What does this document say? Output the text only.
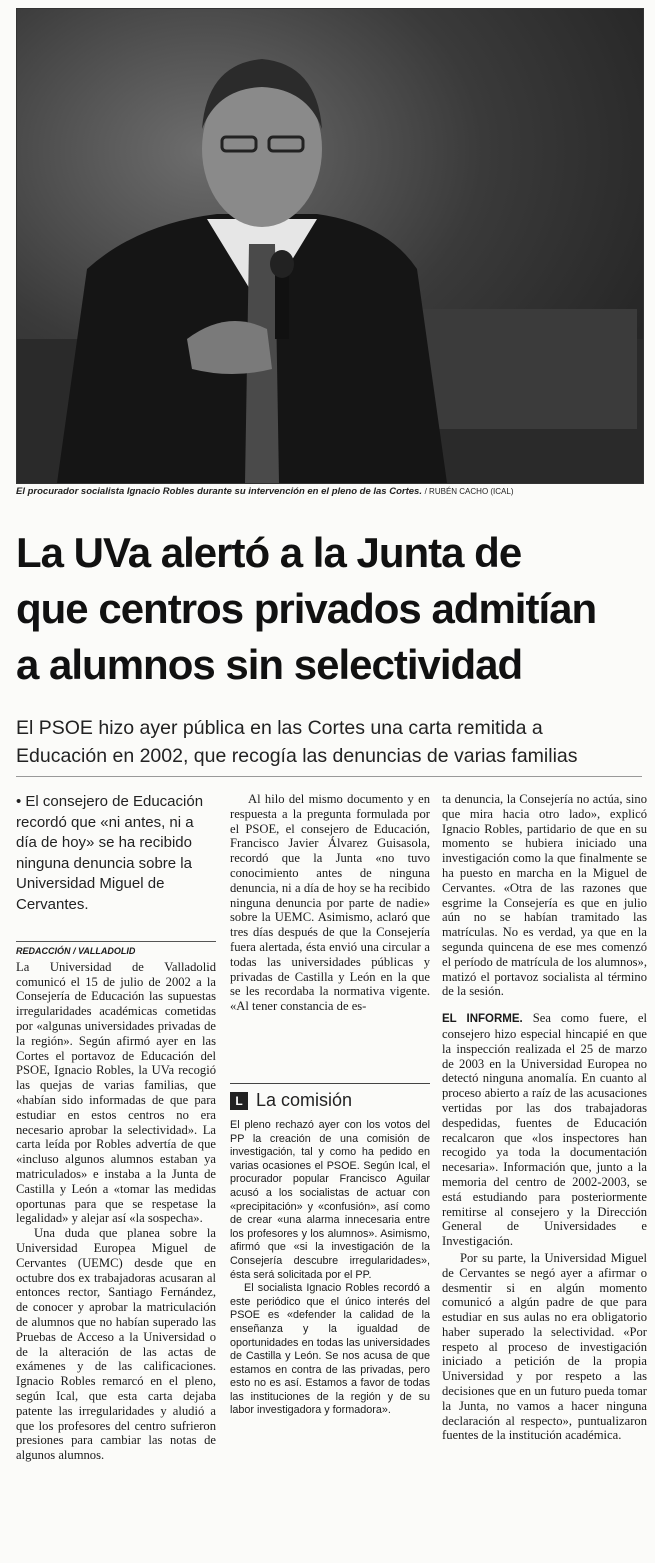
El procurador socialista Ignacio Robles durante su intervención en el pleno de las Cortes. / RUBÉN CACHO (ICAL)
La UVa alertó a la Junta de
que centros privados admitían
a alumnos sin selectividad
El PSOE hizo ayer pública en las Cortes una carta remitida a
Educación en 2002, que recogía las denuncias de varias familias
• El consejero de Educación recordó que «ni antes, ni a día de hoy» se ha recibido ninguna denuncia sobre la Universidad Miguel de Cervantes.
REDACCIÓN / VALLADOLID

La Universidad de Valladolid comunicó el 15 de julio de 2002 a la Consejería de Educación las supuestas irregularidades académicas cometidas por «algunas universidades privadas de la región». Según afirmó ayer en las Cortes el portavoz de Educación del PSOE, Ignacio Robles, la UVa recogió las quejas de varias familias, que «habían sido informadas de que para estudiar en estos centros no era necesario aprobar la selectividad». La carta leída por Robles advertía de que «incluso algunos alumnos estaban ya matriculados» e instaba a la Junta de Castilla y León a «tomar las medidas oportunas para que se respetase la legalidad» y alejar así «la sospecha».

Una duda que planea sobre la Universidad Europea Miguel de Cervantes (UEMC) desde que en octubre dos ex trabajadoras acusaran al entonces rector, Santiago Fernández, de conocer y aprobar la matriculación de alumnos que no habían superado las Pruebas de Acceso a la Universidad o de la alteración de las actas de exámenes y de las calificaciones. Ignacio Robles remarcó en el pleno, según Ical, que esta carta dejaba patente las irregularidades y aludió a que los profesores del centro sufrieron presiones para cambiar las notas de algunos alumnos.

Al hilo del mismo documento y en respuesta a la pregunta formulada por el PSOE, el consejero de Educación, Francisco Javier Álvarez Guisasola, recordó que la Junta «no tuvo conocimiento antes de ninguna denuncia, ni a día de hoy se ha recibido ninguna denuncia por parte de nadie» sobre la UEMC. Asimismo, aclaró que tres días después de que la Consejería fuera alertada, ésta envió una circular a todas las universidades públicas y privadas de Castilla y León en la que se les recordaba la normativa vigente. «Al tener constancia de es-

L La comisión

El pleno rechazó ayer con los votos del PP la creación de una comisión de investigación, tal y como ha pedido en varias ocasiones el PSOE. Según Ical, el procurador popular Francisco Aguilar acusó a los socialistas de actuar con «precipitación» y «confusión», así como de crear «una alarma innecesaria entre los profesores y los alumnos». Asimismo, afirmó que «si la investigación de la Consejería descubre irregularidades», ésta será solicitada por el PP.

El socialista Ignacio Robles recordó a este periódico que el único interés del PSOE es «defender la calidad de la enseñanza y la igualdad de oportunidades en todas las universidades de Castilla y León. Se nos acusa de que estamos en contra de las privadas, pero esto no es así. Estamos a favor de todas las instituciones de la región y de su labor investigadora y formadora».

ta denuncia, la Consejería no actúa, sino que mira hacia otro lado», explicó Ignacio Robles, partidario de que en su momento se hubiera iniciado una investigación como la que finalmente se ha puesto en marcha en la Miguel de Cervantes. «Otra de las razones que esgrime la Consejería es que en julio aún no se habían tramitado las matrículas. No es verdad, ya que en la segunda quincena de ese mes comenzó el período de matrícula de los alumnos», matizó el portavoz socialista al término de la sesión.

EL INFORME. Sea como fuere, el consejero hizo especial hincapié en que la inspección realizada el 25 de marzo de 2003 en la Universidad Europea no detectó ninguna anomalía. En cuanto al proceso abierto a raíz de las acusaciones vertidas por las dos trabajadoras despedidas, fuentes de Educación recalcaron que «los inspectores han recogido ya toda la documentación necesaria». Información que, junto a la memoria del centro de 2002-2003, se está estudiando para posteriormente remitirse al consejero y la Dirección General de Universidades e Investigación.

Por su parte, la Universidad Miguel de Cervantes se negó ayer a afirmar o desmentir si en algún momento comunicó a algún padre de que para estudiar en sus aulas no era obligatorio haber superado la selectividad. «Por respeto al proceso de investigación iniciado a petición de la propia Universidad y por respeto a las decisiones que en un futuro pueda tomar la Junta, no vamos a hacer ninguna declaración al respecto», puntualizaron fuentes de la institución académica.
